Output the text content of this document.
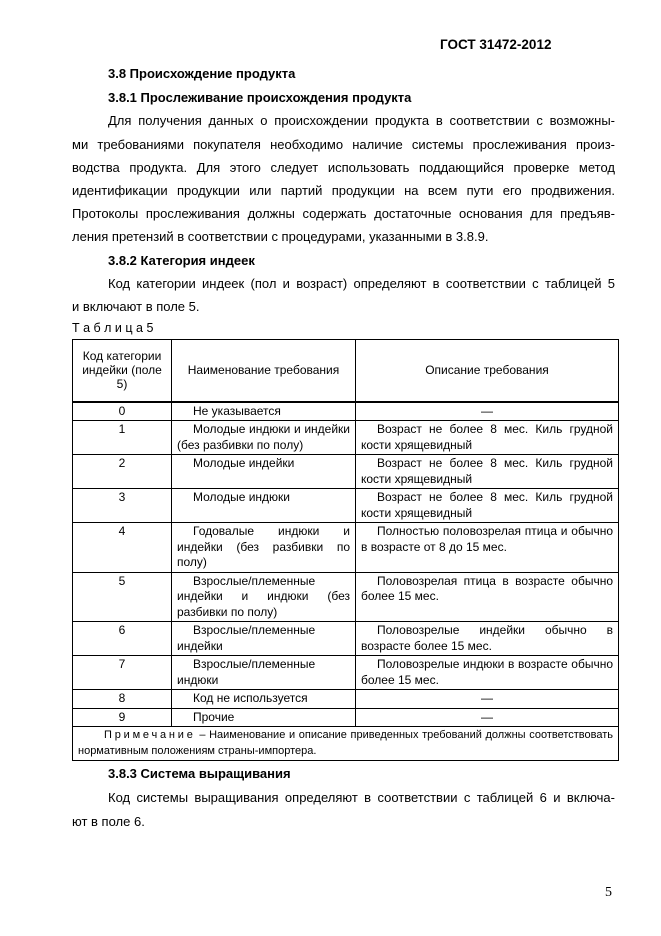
ГОСТ 31472-2012
3.8 Происхождение продукта
3.8.1 Прослеживание происхождения продукта
Для получения данных о происхождении продукта в соответствии с возможны-
ми требованиями покупателя необходимо наличие системы прослеживания произ-
водства продукта. Для этого следует использовать поддающийся проверке метод
идентификации продукции или партий продукции на всем пути его продвижения.
Протоколы прослеживания должны содержать достаточные основания для предъяв-
ления претензий в соответствии с процедурами, указанными в 3.8.9.
3.8.2 Категория индеек
Код категории индеек (пол и возраст) определяют в соответствии с таблицей 5
и включают в поле 5.
Т а б л и ц а 5
Код категории индейки (поле 5)	Наименование требования	Описание требования
0	Не указывается	—
1	Молодые индюки и индейки (без разбивки по полу)	Возраст не более 8 мес. Киль грудной кости хрящевидный
2	Молодые индейки	Возраст не более 8 мес. Киль грудной кости хрящевидный
3	Молодые индюки	Возраст не более 8 мес. Киль грудной кости хрящевидный
4	Годовалые индюки и индейки (без разбивки по полу)	Полностью половозрелая птица и обычно в возрасте от 8 до 15 мес.
5	Взрослые/племенные индейки и индюки (без разбивки по полу)	Половозрелая птица в возрасте обычно более 15 мес.
6	Взрослые/племенные индейки	Половозрелые индейки обычно в возрасте более 15 мес.
7	Взрослые/племенные индюки	Половозрелые индюки в возрасте обычно более 15 мес.
8	Код не используется	—
9	Прочие	—
Примечание – Наименование и описание приведенных требований должны соответствовать нормативным положениям страны-импортера.		
3.8.3 Система выращивания
Код системы выращивания определяют в соответствии с таблицей 6 и включа-
ют в поле 6.
5
